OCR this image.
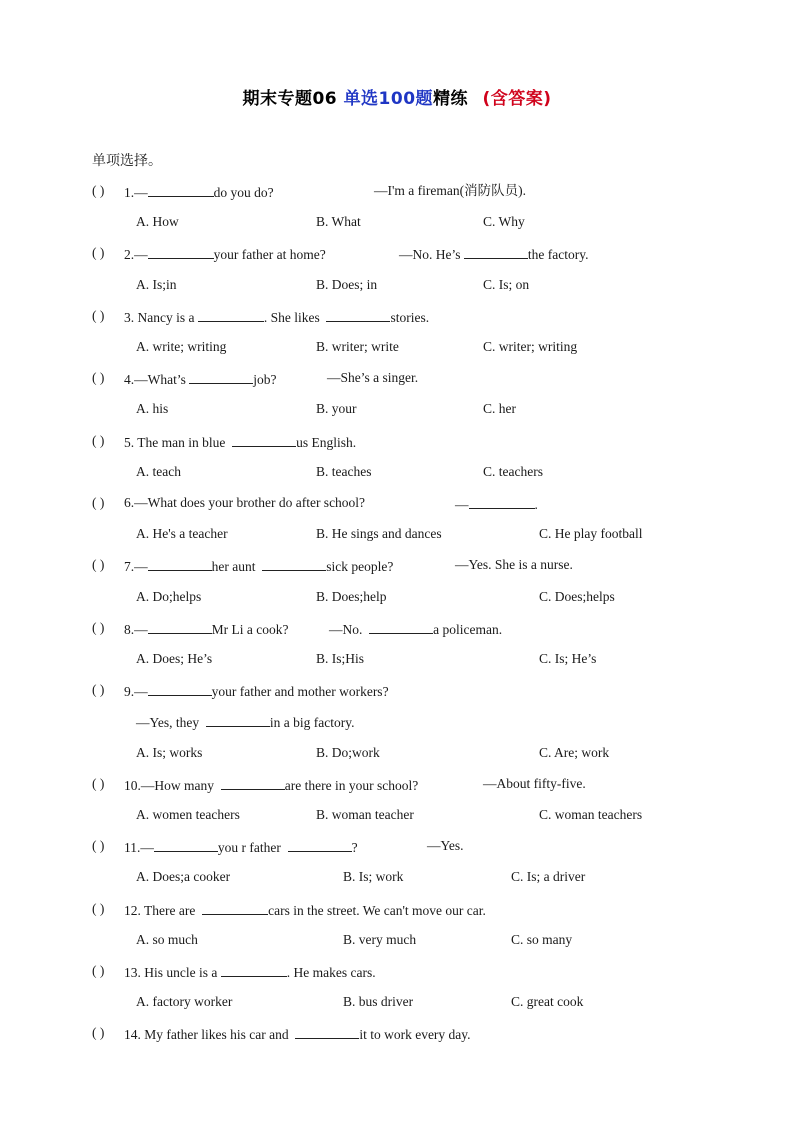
期末专题06 单选100题精练 (含答案)
单项选择。
( ) 1.—	do you do?	—I'm a fireman(消防队员).
A. How	B. What	C. Why
( ) 2.—	your father at home?	—No. He’s	the factory.
A. Is;in	B. Does; in	C. Is; on
( ) 3. Nancy is a	. She likes	stories.
A. write; writing	B. writer; write	C. writer; writing
( ) 4.—What’s	job?	—She’s a singer.
A. his	B. your	C. her
( ) 5. The man in blue	us English.
A. teach	B. teaches	C. teachers
( ) 6.—What does your brother do after school?	—	.
A. He's a teacher	B. He sings and dances	C. He play football
( ) 7.—	her aunt	sick people?	—Yes. She is a nurse.
A. Do;helps	B. Does;help	C. Does;helps
( ) 8.—	Mr Li a cook?	—No.	a policeman.
A. Does; He’s	B. Is;His	C. Is; He’s
( ) 9.—	your father and mother workers?
—Yes, they	in a big factory.
A. Is; works	B. Do;work	C. Are; work
( ) 10.—How many	are there in your school?	—About fifty-five.
A. women teachers	B. woman teacher	C. woman teachers
( ) 11.—	you r father	?	—Yes.
A. Does;a cooker	B. Is; work	C. Is; a driver
( ) 12. There are	cars in the street. We can't move our car.
A. so much	B. very much	C. so many
( ) 13. His uncle is a	. He makes cars.
A. factory worker	B. bus driver	C. great cook
( ) 14. My father likes his car and	it to work every day.
